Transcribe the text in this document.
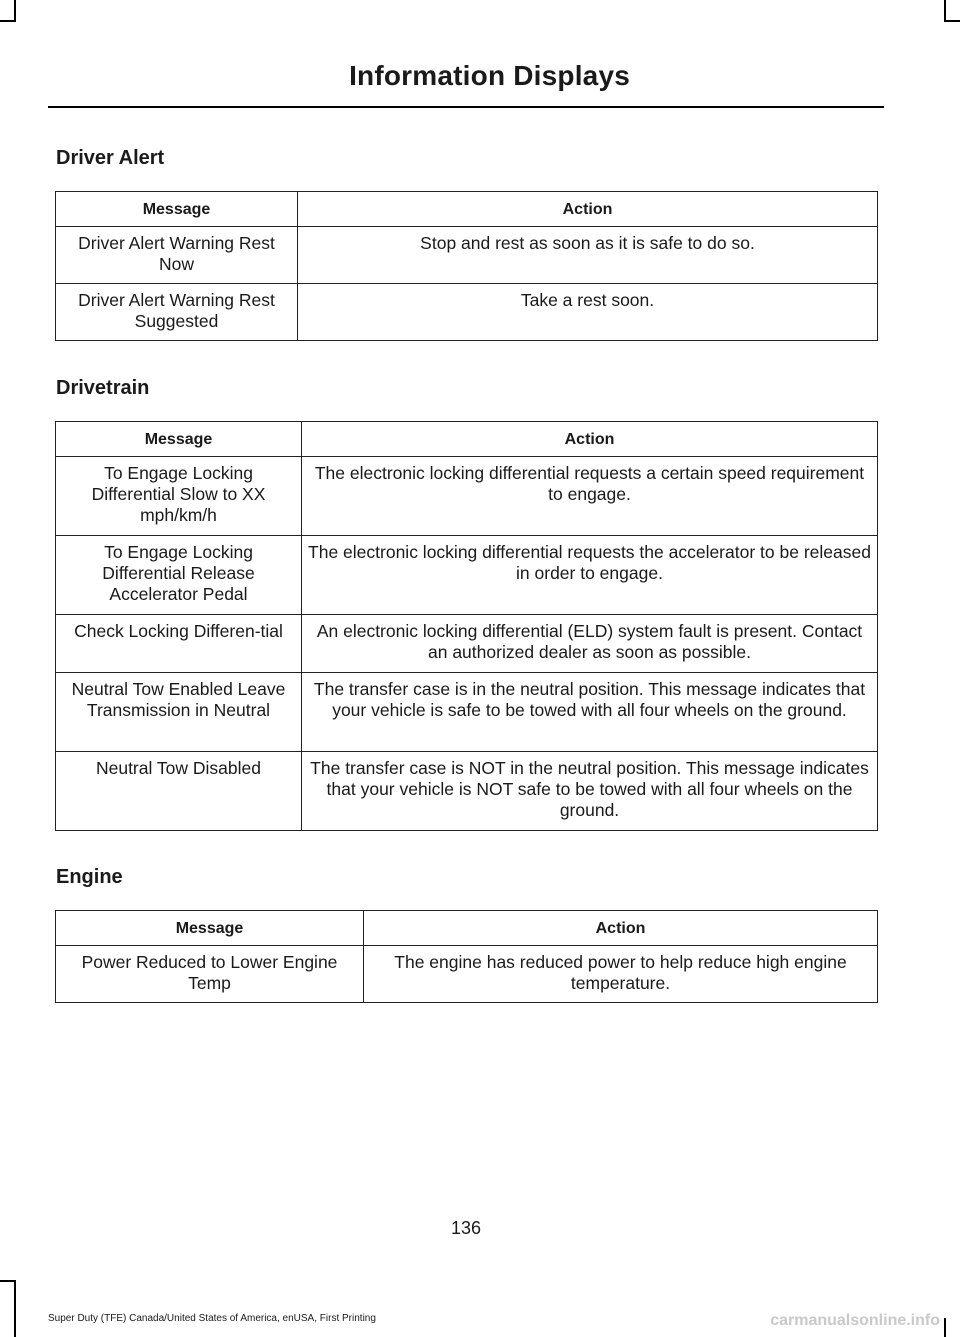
Information Displays
Driver Alert
Message	Action
Driver Alert Warning Rest Now	Stop and rest as soon as it is safe to do so.
Driver Alert Warning Rest Suggested	Take a rest soon.
Drivetrain
Message	Action
To Engage Locking Differential Slow to XX mph/km/h	The electronic locking differential requests a certain speed requirement to engage.
To Engage Locking Differential Release Accelerator Pedal	The electronic locking differential requests the accelerator to be released in order to engage.
Check Locking Differen-tial	An electronic locking differential (ELD) system fault is present. Contact an authorized dealer as soon as possible.
Neutral Tow Enabled Leave Transmission in Neutral	The transfer case is in the neutral position. This message indicates that your vehicle is safe to be towed with all four wheels on the ground.
Neutral Tow Disabled	The transfer case is NOT in the neutral position. This message indicates that your vehicle is NOT safe to be towed with all four wheels on the ground.
Engine
Message	Action
Power Reduced to Lower Engine Temp	The engine has reduced power to help reduce high engine temperature.
136
Super Duty (TFE) Canada/United States of America, enUSA, First Printing	carmanualsonline.info
